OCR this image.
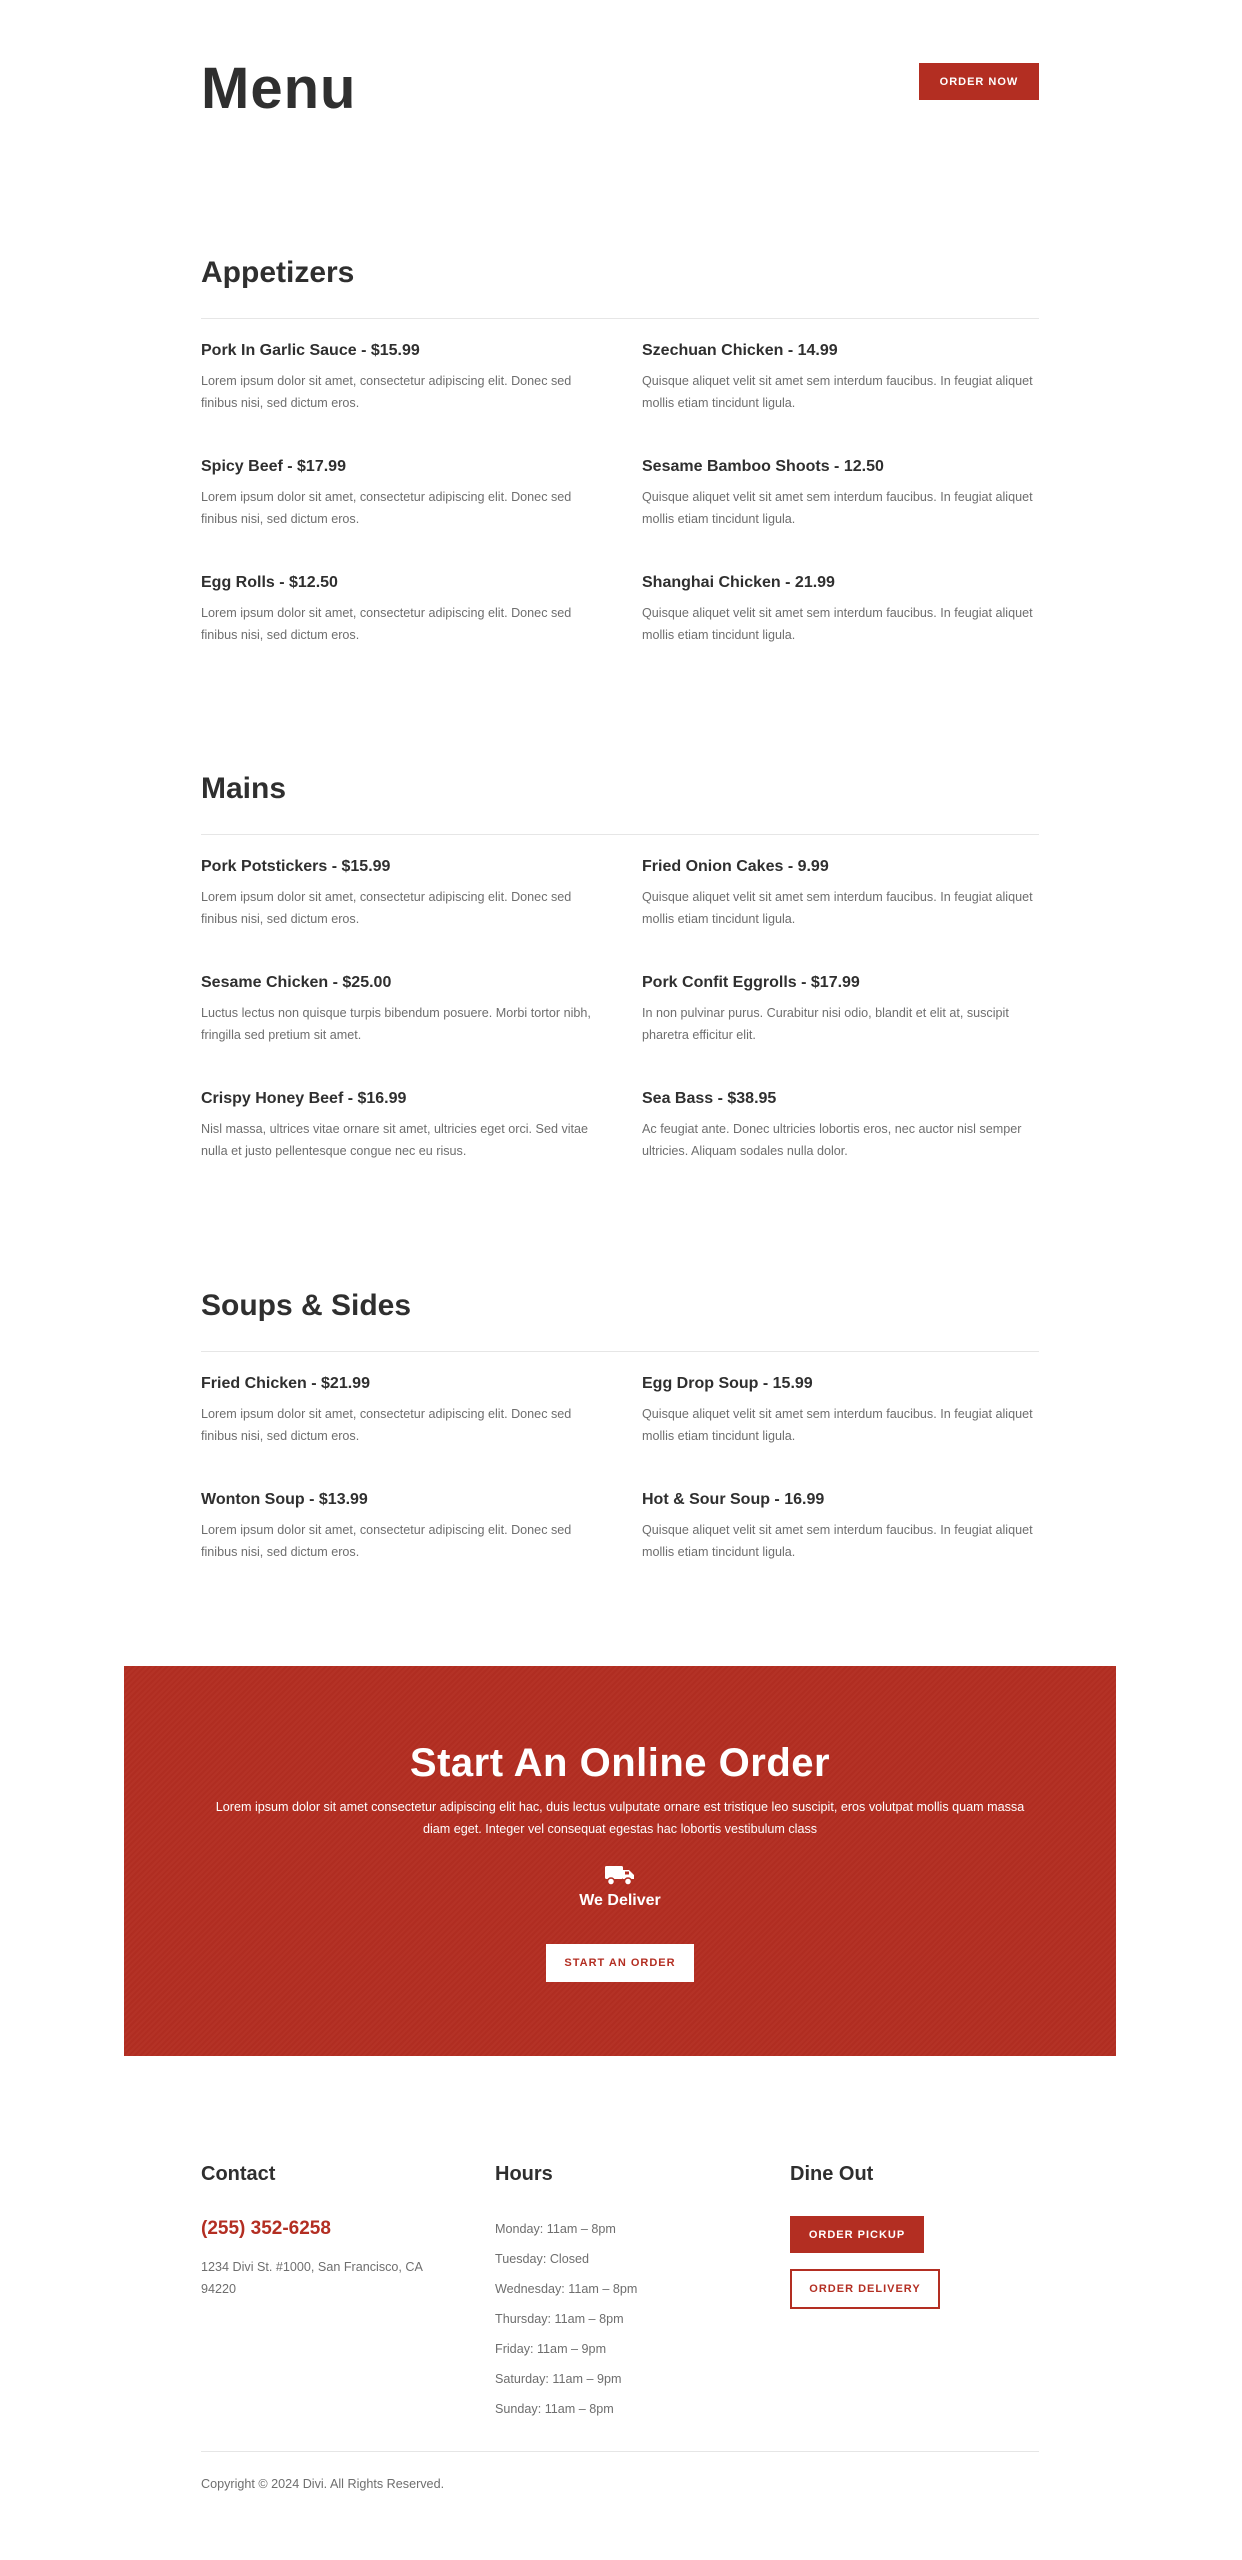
Menu	ORDER NOW
Appetizers

Pork In Garlic Sauce - $15.99

Lorem ipsum dolor sit amet, consectetur adipiscing elit. Donec sed finibus nisi, sed dictum eros.

Szechuan Chicken - 14.99

Quisque aliquet velit sit amet sem interdum faucibus. In feugiat aliquet mollis etiam tincidunt ligula.

Spicy Beef - $17.99

Lorem ipsum dolor sit amet, consectetur adipiscing elit. Donec sed finibus nisi, sed dictum eros.

Sesame Bamboo Shoots - 12.50

Quisque aliquet velit sit amet sem interdum faucibus. In feugiat aliquet mollis etiam tincidunt ligula.

Egg Rolls - $12.50

Lorem ipsum dolor sit amet, consectetur adipiscing elit. Donec sed finibus nisi, sed dictum eros.

Shanghai Chicken - 21.99

Quisque aliquet velit sit amet sem interdum faucibus. In feugiat aliquet mollis etiam tincidunt ligula.

Mains

Pork Potstickers - $15.99

Lorem ipsum dolor sit amet, consectetur adipiscing elit. Donec sed finibus nisi, sed dictum eros.

Fried Onion Cakes - 9.99

Quisque aliquet velit sit amet sem interdum faucibus. In feugiat aliquet mollis etiam tincidunt ligula.

Sesame Chicken - $25.00

Luctus lectus non quisque turpis bibendum posuere. Morbi tortor nibh, fringilla sed pretium sit amet.

Pork Confit Eggrolls - $17.99

In non pulvinar purus. Curabitur nisi odio, blandit et elit at, suscipit pharetra efficitur elit.

Crispy Honey Beef - $16.99

Nisl massa, ultrices vitae ornare sit amet, ultricies eget orci. Sed vitae nulla et justo pellentesque congue nec eu risus.

Sea Bass - $38.95

Ac feugiat ante. Donec ultricies lobortis eros, nec auctor nisl semper ultricies. Aliquam sodales nulla dolor.

Soups & Sides

Fried Chicken - $21.99

Lorem ipsum dolor sit amet, consectetur adipiscing elit. Donec sed finibus nisi, sed dictum eros.

Egg Drop Soup - 15.99

Quisque aliquet velit sit amet sem interdum faucibus. In feugiat aliquet mollis etiam tincidunt ligula.

Wonton Soup - $13.99

Lorem ipsum dolor sit amet, consectetur adipiscing elit. Donec sed finibus nisi, sed dictum eros.

Hot & Sour Soup - 16.99

Quisque aliquet velit sit amet sem interdum faucibus. In feugiat aliquet mollis etiam tincidunt ligula.

Start An Online Order
Lorem ipsum dolor sit amet consectetur adipiscing elit hac, duis lectus vulputate ornare est tristique leo suscipit, eros volutpat mollis quam massa diam eget. Integer vel consequat egestas hac lobortis vestibulum class
We Deliver
START AN ORDER
Contact
(255) 352-6258
1234 Divi St. #1000, San Francisco, CA 94220
Hours
Monday: 11am – 8pm
Tuesday: Closed
Wednesday: 11am – 8pm
Thursday: 11am – 8pm
Friday: 11am – 9pm
Saturday: 11am – 9pm
Sunday: 11am – 8pm
Dine Out
ORDER PICKUP
ORDER DELIVERY
Copyright © 2024 Divi. All Rights Reserved.
